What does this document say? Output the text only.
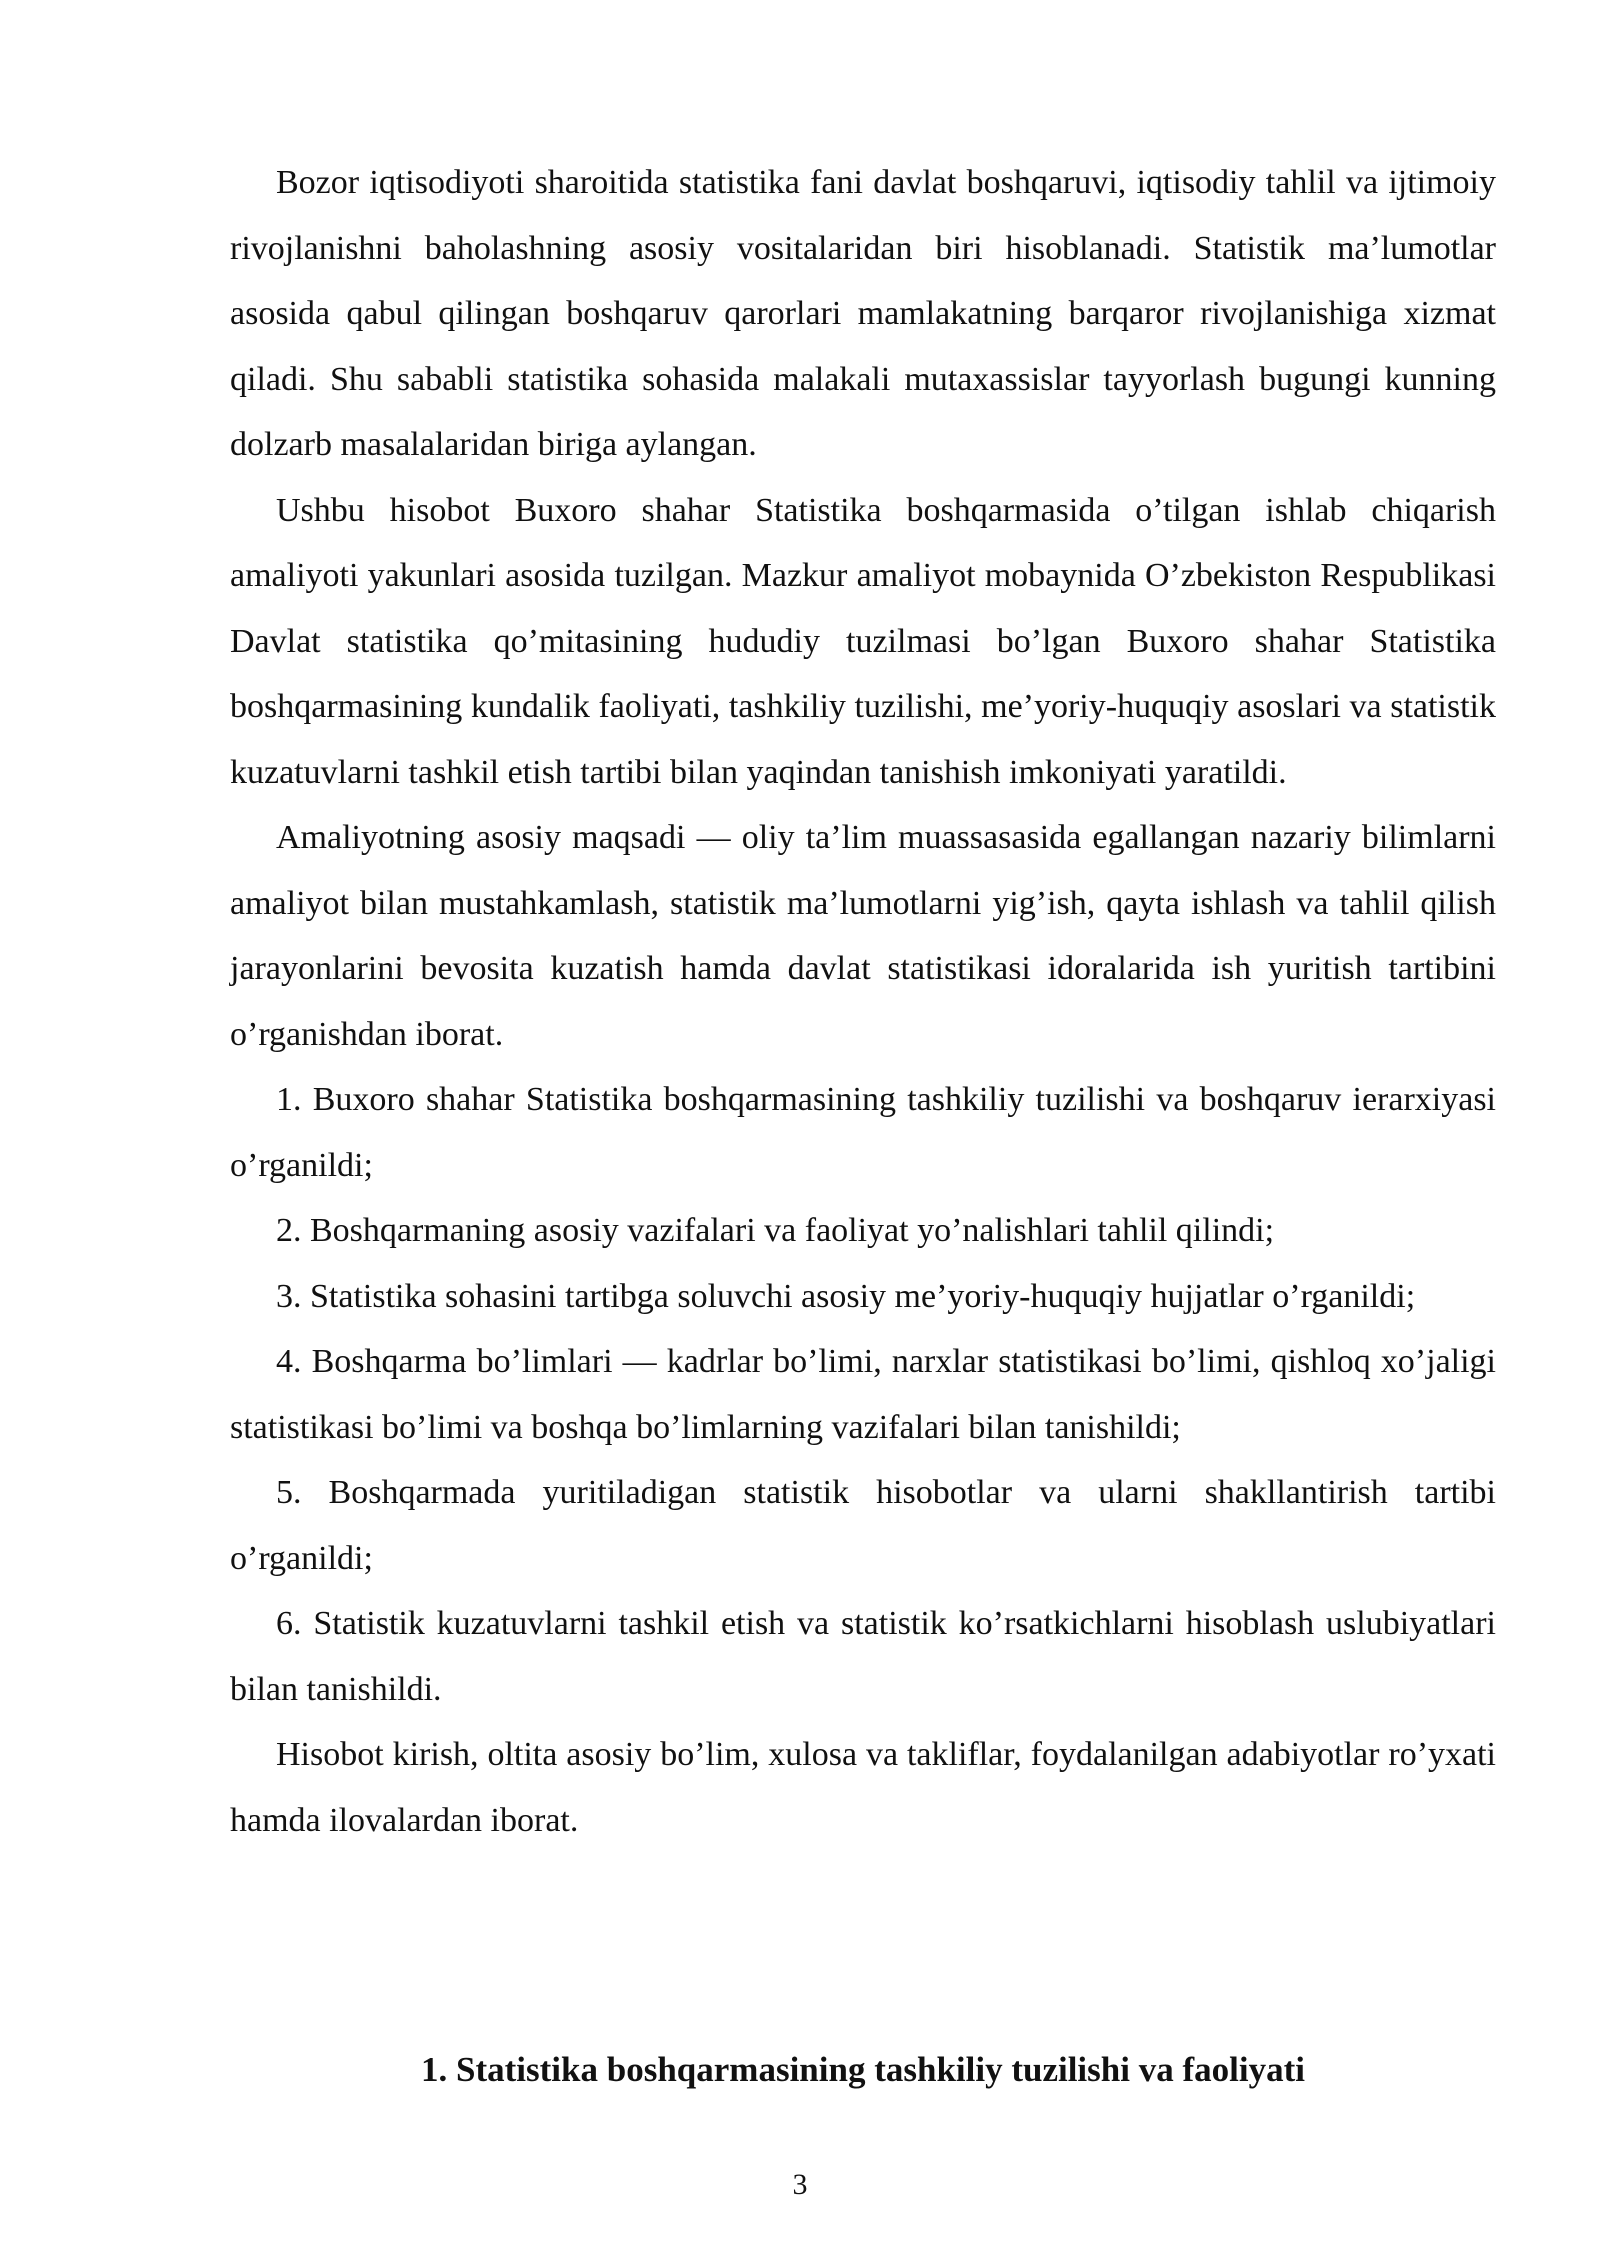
Bozor iqtisodiyoti sharoitida statistika fani davlat boshqaruvi, iqtisodiy tahlil va ijtimoiy rivojlanishni baholashning asosiy vositalaridan biri hisoblanadi. Statistik ma’lumotlar asosida qabul qilingan boshqaruv qarorlari mamlakatning barqaror rivojlanishiga xizmat qiladi. Shu sababli statistika sohasida malakali mutaxassislar tayyorlash bugungi kunning dolzarb masalalaridan biriga aylangan.

Ushbu hisobot Buxoro shahar Statistika boshqarmasida o’tilgan ishlab chiqarish amaliyoti yakunlari asosida tuzilgan. Mazkur amaliyot mobaynida O’zbekiston Respublikasi Davlat statistika qo’mitasining hududiy tuzilmasi bo’lgan Buxoro shahar Statistika boshqarmasining kundalik faoliyati, tashkiliy tuzilishi, me’yoriy-huquqiy asoslari va statistik kuzatuvlarni tashkil etish tartibi bilan yaqindan tanishish imkoniyati yaratildi.

Amaliyotning asosiy maqsadi — oliy ta’lim muassasasida egallangan nazariy bilimlarni amaliyot bilan mustahkamlash, statistik ma’lumotlarni yig’ish, qayta ishlash va tahlil qilish jarayonlarini bevosita kuzatish hamda davlat statistikasi idoralarida ish yuritish tartibini o’rganishdan iborat.

1. Buxoro shahar Statistika boshqarmasining tashkiliy tuzilishi va boshqaruv ierarxiyasi o’rganildi;

2. Boshqarmaning asosiy vazifalari va faoliyat yo’nalishlari tahlil qilindi;

3. Statistika sohasini tartibga soluvchi asosiy me’yoriy-huquqiy hujjatlar o’rganildi;

4. Boshqarma bo’limlari — kadrlar bo’limi, narxlar statistikasi bo’limi, qishloq xo’jaligi statistikasi bo’limi va boshqa bo’limlarning vazifalari bilan tanishildi;

5. Boshqarmada yuritiladigan statistik hisobotlar va ularni shakllantirish tartibi o’rganildi;

6. Statistik kuzatuvlarni tashkil etish va statistik ko’rsatkichlarni hisoblash uslubiyatlari bilan tanishildi.

Hisobot kirish, oltita asosiy bo’lim, xulosa va takliflar, foydalanilgan adabiyotlar ro’yxati hamda ilovalardan iborat.

1. Statistika boshqarmasining tashkiliy tuzilishi va faoliyati
3
